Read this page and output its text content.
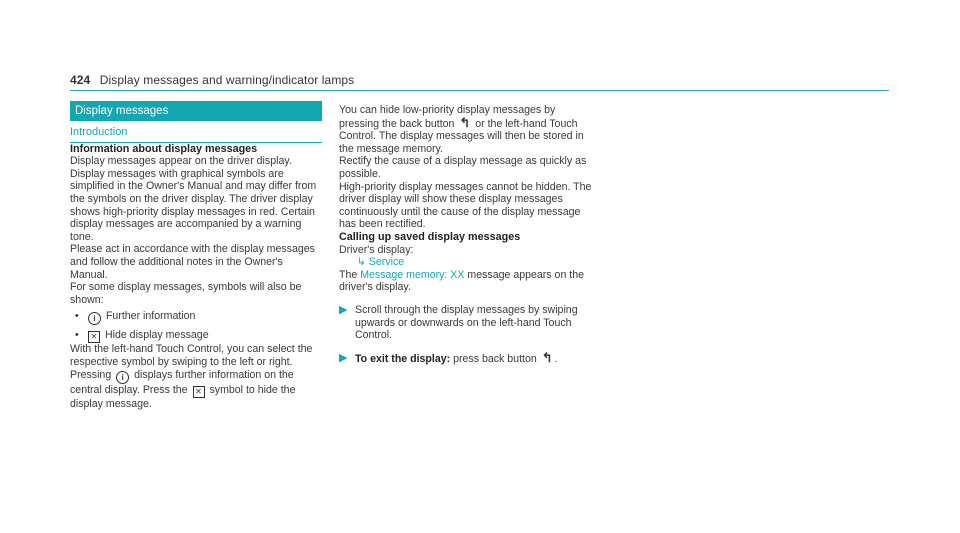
424 Display messages and warning/indicator lamps
Display messages
Introduction

Information about display messages

Display messages appear on the driver display.

Display messages with graphical symbols are simplified in the Owner's Manual and may differ from the symbols on the driver display. The driver display shows high-priority display messages in red. Certain display messages are accompanied by a warning tone.

Please act in accordance with the display messages and follow the additional notes in the Owner's Manual.

For some display messages, symbols will also be shown:

• i Further information
• ✕ Hide display message

With the left-hand Touch Control, you can select the respective symbol by swiping to the left or right. Pressing i displays further information on the central display. Press the ✕ symbol to hide the display message.

You can hide low-priority display messages by pressing the back button ↰ or the left-hand Touch Control. The display messages will then be stored in the message memory.

Rectify the cause of a display message as quickly as possible.

High-priority display messages cannot be hidden. The driver display will show these display messages continuously until the cause of the display message has been rectified.

Calling up saved display messages

Driver's display:

↳ Service

The Message memory: XX message appears on the driver's display.

▶ Scroll through the display messages by swiping upwards or downwards on the left-hand Touch Control.
▶ To exit the display: press back button ↰ .
